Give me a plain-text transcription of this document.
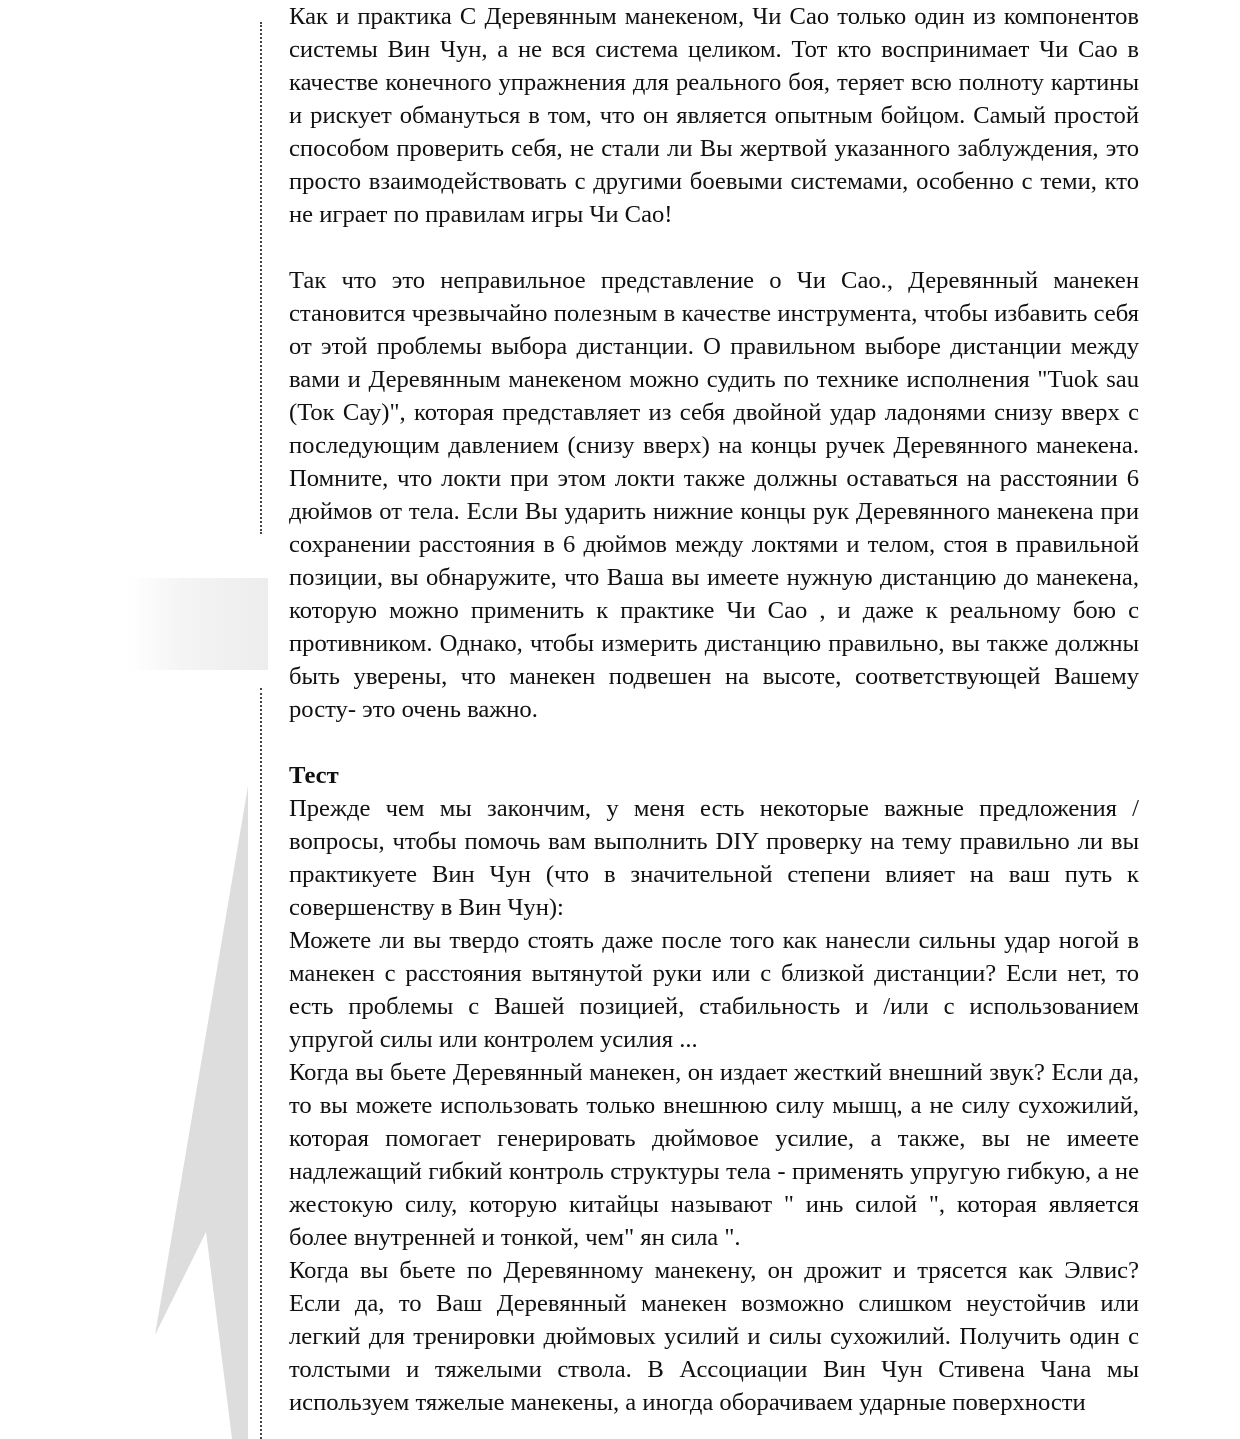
Как и практика С Деревянным манекеном, Чи Сао только один из компонентов системы Вин Чун, а не вся система целиком. Тот кто воспринимает Чи Сао в качестве конечного упражнения для реального боя, теряет всю полноту картины и рискует обмануться в том, что он является опытным бойцом. Самый простой способом проверить себя, не стали ли Вы жертвой указанного заблуждения, это просто взаимодействовать с другими боевыми системами, особенно с теми, кто не играет по правилам игры Чи Сао!

Так что это неправильное представление о Чи Сао., Деревянный манекен становится чрезвычайно полезным в качестве инструмента, чтобы избавить себя от этой проблемы выбора дистанции. О правильном выборе дистанции между вами и Деревянным манекеном можно судить по технике исполнения "Tuok sau (Ток Сау)", которая представляет из себя двойной удар ладонями снизу вверх с последующим давлением (снизу вверх) на концы ручек Деревянного манекена. Помните, что локти при этом локти также должны оставаться на расстоянии 6 дюймов от тела. Если Вы ударить нижние концы рук Деревянного манекена при сохранении расстояния в 6 дюймов между локтями и телом, стоя в правильной позиции, вы обнаружите, что Ваша вы имеете нужную дистанцию до манекена, которую можно применить к практике Чи Сао , и даже к реальному бою с противником. Однако, чтобы измерить дистанцию правильно, вы также должны быть уверены, что манекен подвешен на высоте, соответствующей Вашему росту- это очень важно.

Тест

Прежде чем мы закончим, у меня есть некоторые важные предложения / вопросы, чтобы помочь вам выполнить DIY проверку на тему правильно ли вы практикуете Вин Чун (что в значительной степени влияет на ваш путь к совершенству в Вин Чун):

Можете ли вы твердо стоять даже после того как нанесли сильны удар ногой в манекен с расстояния вытянутой руки или с близкой дистанции? Если нет, то есть проблемы с Вашей позицией, стабильность и /или с использованием упругой силы или контролем усилия ...

Когда вы бьете Деревянный манекен, он издает жесткий внешний звук? Если да, то вы можете использовать только внешнюю силу мышц, а не силу сухожилий, которая помогает генерировать дюймовое усилие, а также, вы не имеете надлежащий гибкий контроль структуры тела - применять упругую гибкую, а не жестокую силу, которую китайцы называют " инь силой ", которая является более внутренней и тонкой, чем" ян сила ".

Когда вы бьете по Деревянному манекену, он дрожит и трясется как Элвис? Если да, то Ваш Деревянный манекен возможно слишком неустойчив или легкий для тренировки дюймовых усилий и силы сухожилий. Получить один с толстыми и тяжелыми ствола. В Ассоциации Вин Чун Стивена Чана мы используем тяжелые манекены, а иногда оборачиваем ударные поверхности
